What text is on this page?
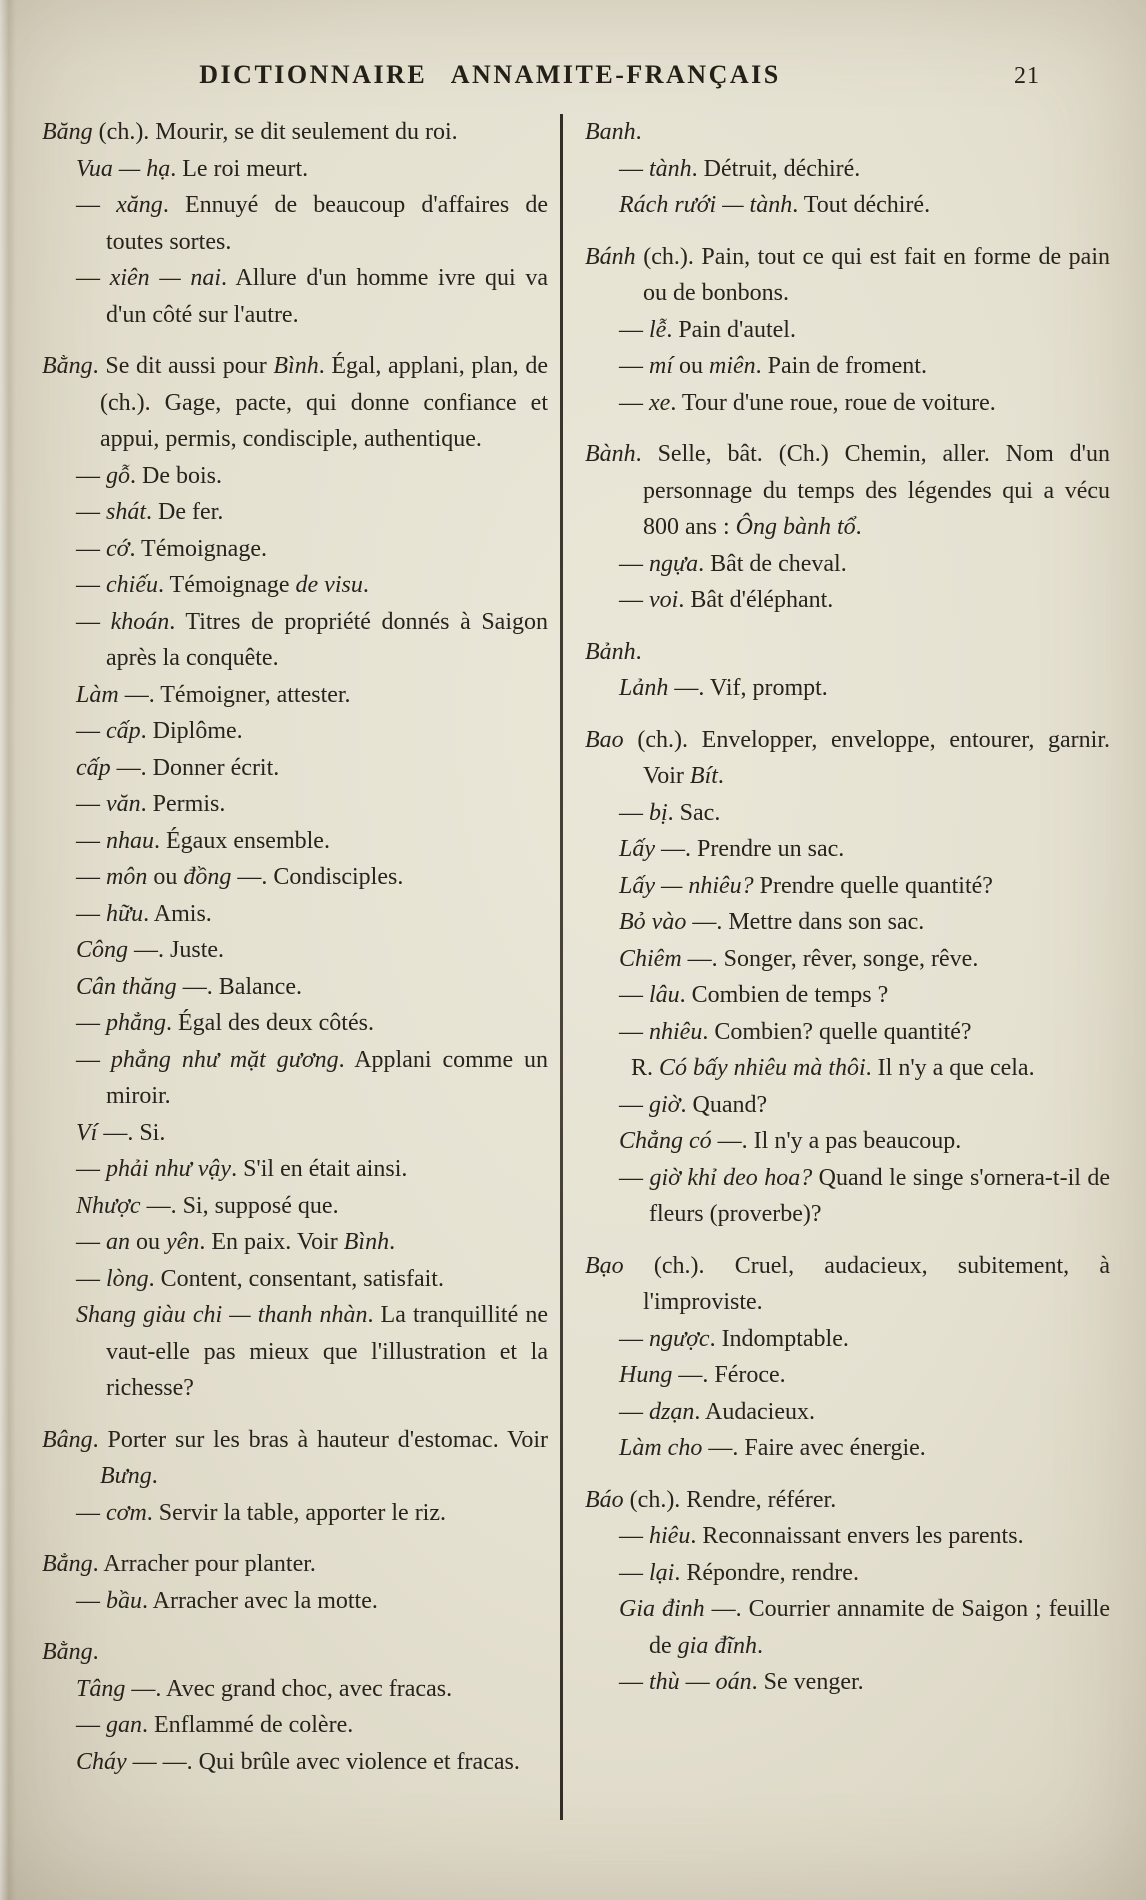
DICTIONNAIRE ANNAMITE-FRANÇAIS	21

Băng (ch.). Mourir, se dit seulement du roi.

Vua — hạ. Le roi meurt.

— xăng. Ennuyé de beaucoup d'affaires de toutes sortes.

— xiên — nai. Allure d'un homme ivre qui va d'un côté sur l'autre.

Bằng. Se dit aussi pour Bình. Égal, applani, plan, de (ch.). Gage, pacte, qui donne confiance et appui, permis, condisciple, authentique.

— gỗ. De bois.

— shát. De fer.

— cớ. Témoignage.

— chiếu. Témoignage de visu.

— khoán. Titres de propriété donnés à Saigon après la conquête.

Làm —. Témoigner, attester.

— cấp. Diplôme.

cấp —. Donner écrit.

— văn. Permis.

— nhau. Égaux ensemble.

— môn ou đồng —. Condisciples.

— hữu. Amis.

Công —. Juste.

Cân thăng —. Balance.

— phẳng. Égal des deux côtés.

— phẳng như mặt gương. Applani comme un miroir.

Ví —. Si.

— phải như vậy. S'il en était ainsi.

Nhược —. Si, supposé que.

— an ou yên. En paix. Voir Bình.

— lòng. Content, consentant, satisfait.

Shang giàu chi — thanh nhàn. La tranquillité ne vaut-elle pas mieux que l'illustration et la richesse?

Bâng. Porter sur les bras à hauteur d'estomac. Voir Bưng.

— cơm. Servir la table, apporter le riz.

Bẳng. Arracher pour planter.

— bầu. Arracher avec la motte.

Bằng.

Tâng —. Avec grand choc, avec fracas.

— gan. Enflammé de colère.

Cháy — —. Qui brûle avec violence et fracas.

Banh.

— tành. Détruit, déchiré.

Rách rưới — tành. Tout déchiré.

Bánh (ch.). Pain, tout ce qui est fait en forme de pain ou de bonbons.

— lễ. Pain d'autel.

— mí ou miên. Pain de froment.

— xe. Tour d'une roue, roue de voiture.

Bành. Selle, bât. (Ch.) Chemin, aller. Nom d'un personnage du temps des légendes qui a vécu 800 ans : Ông bành tổ.

— ngựa. Bât de cheval.

— voi. Bât d'éléphant.

Bảnh.

Lảnh —. Vif, prompt.

Bao (ch.). Envelopper, enveloppe, entourer, garnir. Voir Bít.

— bị. Sac.

Lấy —. Prendre un sac.

Lấy — nhiêu? Prendre quelle quantité?

Bỏ vào —. Mettre dans son sac.

Chiêm —. Songer, rêver, songe, rêve.

— lâu. Combien de temps ?

— nhiêu. Combien? quelle quantité?

R. Có bấy nhiêu mà thôi. Il n'y a que cela.

— giờ. Quand?

Chẳng có —. Il n'y a pas beaucoup.

— giờ khỉ deo hoa? Quand le singe s'ornera-t-il de fleurs (proverbe)?

Bạo (ch.). Cruel, audacieux, subitement, à l'improviste.

— ngược. Indomptable.

Hung —. Féroce.

— dzạn. Audacieux.

Làm cho —. Faire avec énergie.

Báo (ch.). Rendre, référer.

— hiêu. Reconnaissant envers les parents.

— lại. Répondre, rendre.

Gia đinh —. Courrier annamite de Saigon ; feuille de gia đĩnh.

— thù — oán. Se venger.
